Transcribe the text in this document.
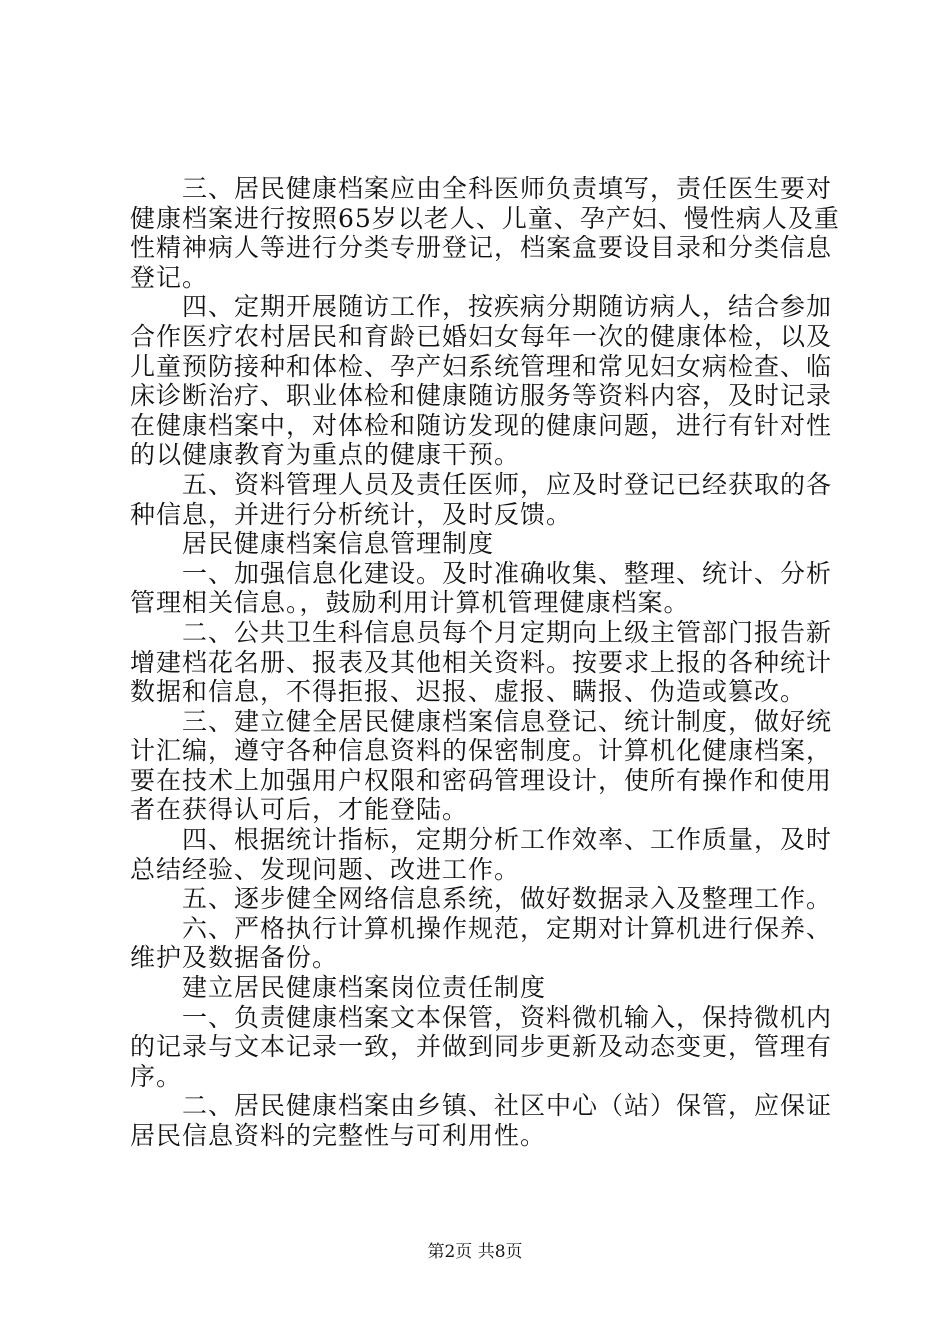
　　三、居民健康档案应由全科医师负责填写，责任医生要对
健康档案进行按照65岁以老人、儿童、孕产妇、慢性病人及重
性精神病人等进行分类专册登记，档案盒要设目录和分类信息
登记。
　　四、定期开展随访工作，按疾病分期随访病人，结合参加
合作医疗农村居民和育龄已婚妇女每年一次的健康体检，以及
儿童预防接种和体检、孕产妇系统管理和常见妇女病检查、临
床诊断治疗、职业体检和健康随访服务等资料内容，及时记录
在健康档案中，对体检和随访发现的健康问题，进行有针对性
的以健康教育为重点的健康干预。
　　五、资料管理人员及责任医师，应及时登记已经获取的各
种信息，并进行分析统计，及时反馈。
　　居民健康档案信息管理制度
　　一、加强信息化建设。及时准确收集、整理、统计、分析
管理相关信息。，鼓励利用计算机管理健康档案。
　　二、公共卫生科信息员每个月定期向上级主管部门报告新
增建档花名册、报表及其他相关资料。按要求上报的各种统计
数据和信息，不得拒报、迟报、虚报、瞒报、伪造或篡改。
　　三、建立健全居民健康档案信息登记、统计制度，做好统
计汇编，遵守各种信息资料的保密制度。计算机化健康档案，
要在技术上加强用户权限和密码管理设计，使所有操作和使用
者在获得认可后，才能登陆。
　　四、根据统计指标，定期分析工作效率、工作质量，及时
总结经验、发现问题、改进工作。
　　五、逐步健全网络信息系统，做好数据录入及整理工作。
　　六、严格执行计算机操作规范，定期对计算机进行保养、
维护及数据备份。
　　建立居民健康档案岗位责任制度
　　一、负责健康档案文本保管，资料微机输入，保持微机内
的记录与文本记录一致，并做到同步更新及动态变更，管理有
序。
　　二、居民健康档案由乡镇、社区中心（站）保管，应保证
居民信息资料的完整性与可利用性。
第2页 共8页
